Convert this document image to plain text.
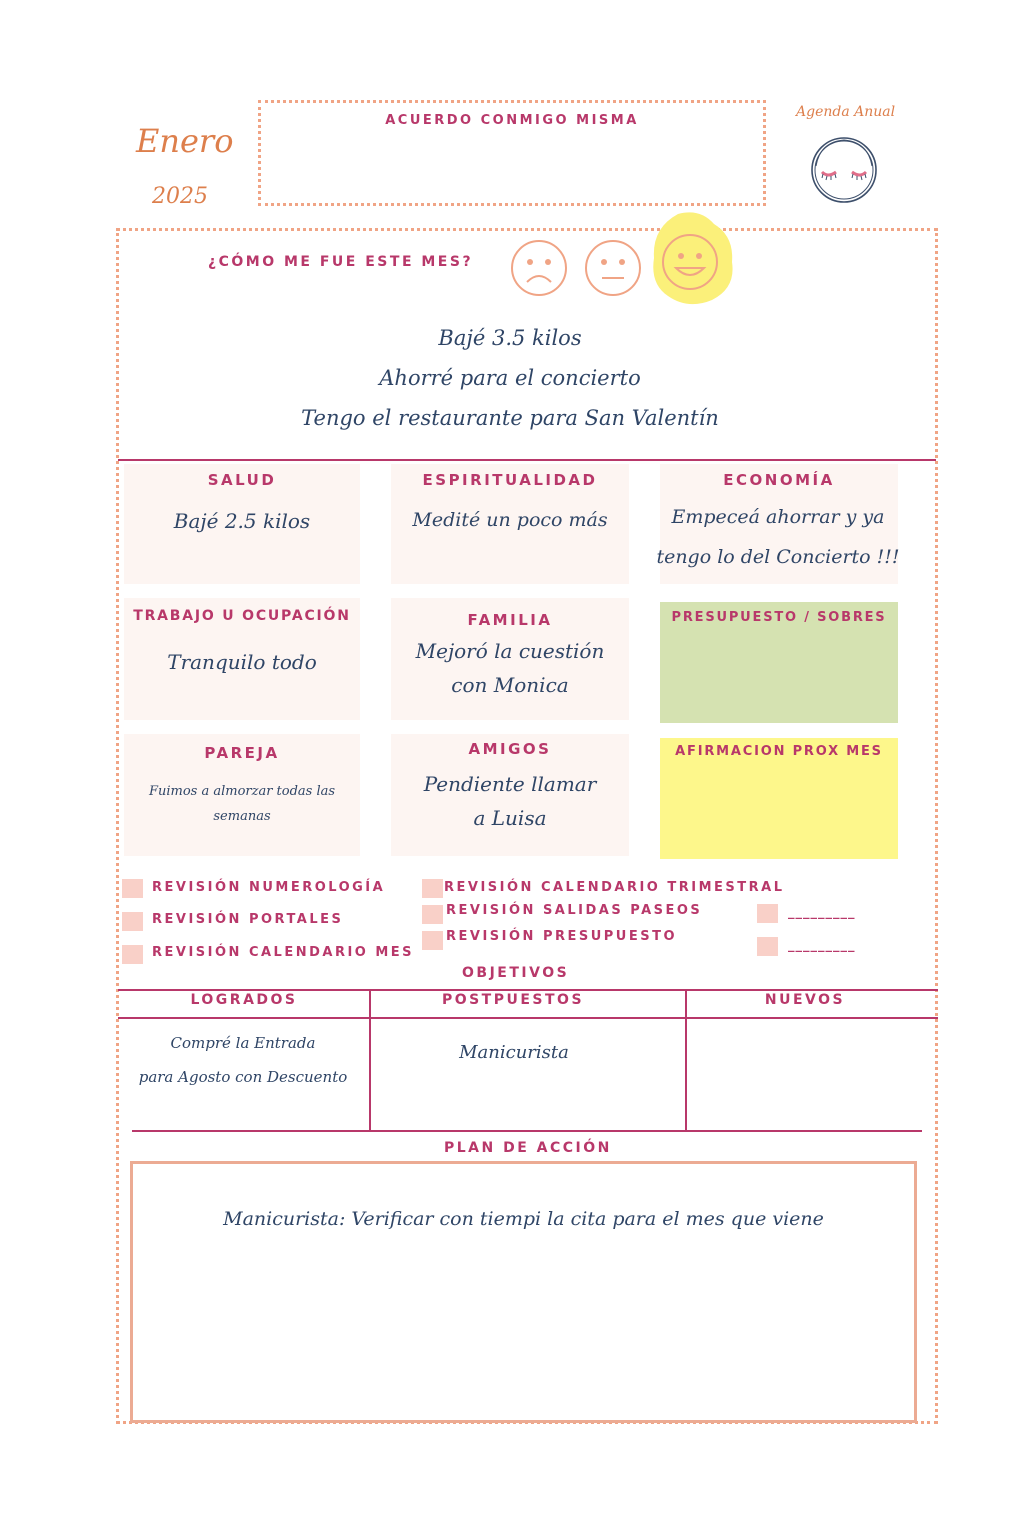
Enero
2025
ACUERDO CONMIGO MISMA
Agenda Anual
¿CÓMO ME FUE ESTE MES?
Bajé 3.5 kilos
Ahorré para el concierto
Tengo el restaurante para San Valentín
SALUD
Bajé 2.5 kilos
ESPIRITUALIDAD
Medité un poco más
ECONOMÍA
Empeceá ahorrar y ya
tengo lo del Concierto !!!
TRABAJO U OCUPACIÓN
Tranquilo todo
FAMILIA
Mejoró la cuestión
con Monica
PRESUPUESTO / SOBRES
PAREJA
Fuimos a almorzar todas las
semanas
AMIGOS
Pendiente llamar
a Luisa
AFIRMACION PROX MES
REVISIÓN NUMEROLOGÍA
REVISIÓN PORTALES
REVISIÓN CALENDARIO MES
REVISIÓN CALENDARIO TRIMESTRAL
REVISIÓN SALIDAS PASEOS
REVISIÓN PRESUPUESTO
_________
_________
OBJETIVOS
LOGRADOS	POSTPUESTOS	NUEVOS
Compré la Entrada
para Agosto con Descuento
Manicurista
PLAN DE ACCIÓN
Manicurista: Verificar con tiempi la cita para el mes que viene
